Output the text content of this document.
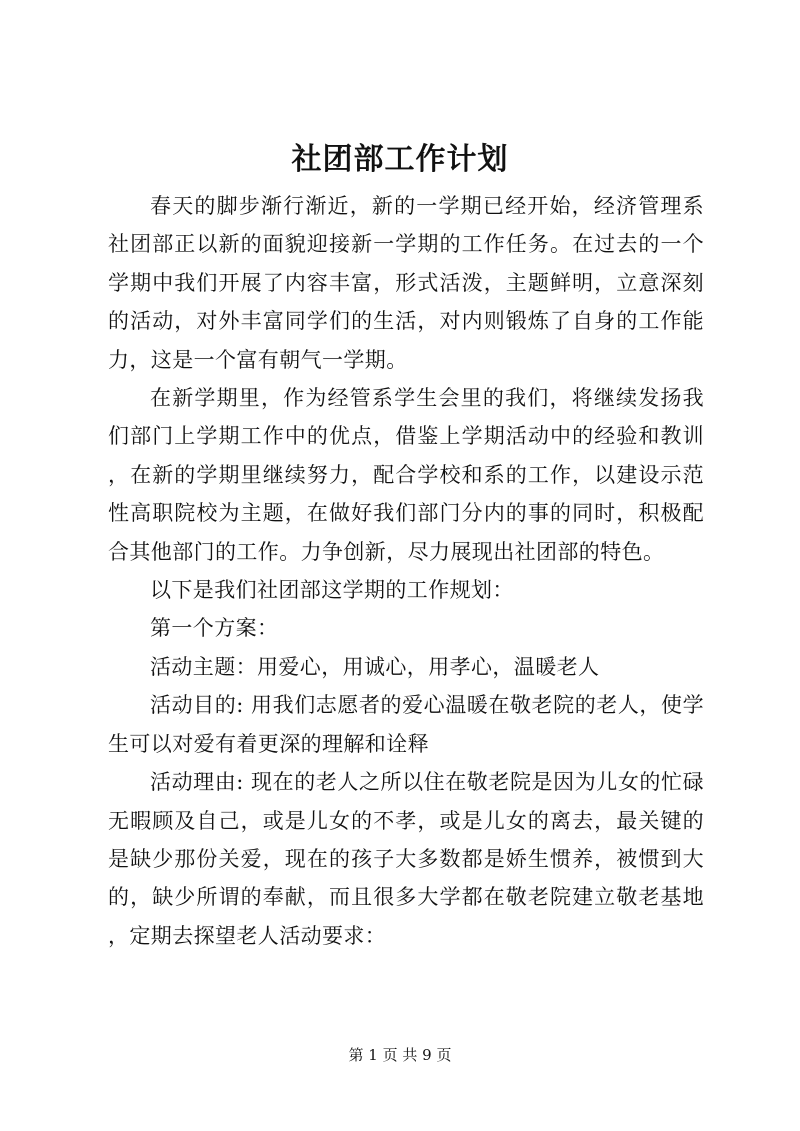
社团部工作计划

春天的脚步渐行渐近，新的一学期已经开始，经济管理系社团部正以新的面貌迎接新一学期的工作任务。在过去的一个学期中我们开展了内容丰富，形式活泼，主题鲜明，立意深刻的活动，对外丰富同学们的生活，对内则锻炼了自身的工作能力，这是一个富有朝气一学期。

在新学期里，作为经管系学生会里的我们，将继续发扬我们部门上学期工作中的优点，借鉴上学期活动中的经验和教训，在新的学期里继续努力，配合学校和系的工作，以建设示范性高职院校为主题，在做好我们部门分内的事的同时，积极配合其他部门的工作。力争创新，尽力展现出社团部的特色。

以下是我们社团部这学期的工作规划：

第一个方案：

活动主题：用爱心，用诚心，用孝心，温暖老人

活动目的: 用我们志愿者的爱心温暖在敬老院的老人，使学生可以对爱有着更深的理解和诠释

活动理由: 现在的老人之所以住在敬老院是因为儿女的忙碌无暇顾及自己，或是儿女的不孝，或是儿女的离去，最关键的是缺少那份关爱，现在的孩子大多数都是娇生惯养，被惯到大的，缺少所谓的奉献，而且很多大学都在敬老院建立敬老基地，定期去探望老人活动要求：

第 1 页 共 9 页
